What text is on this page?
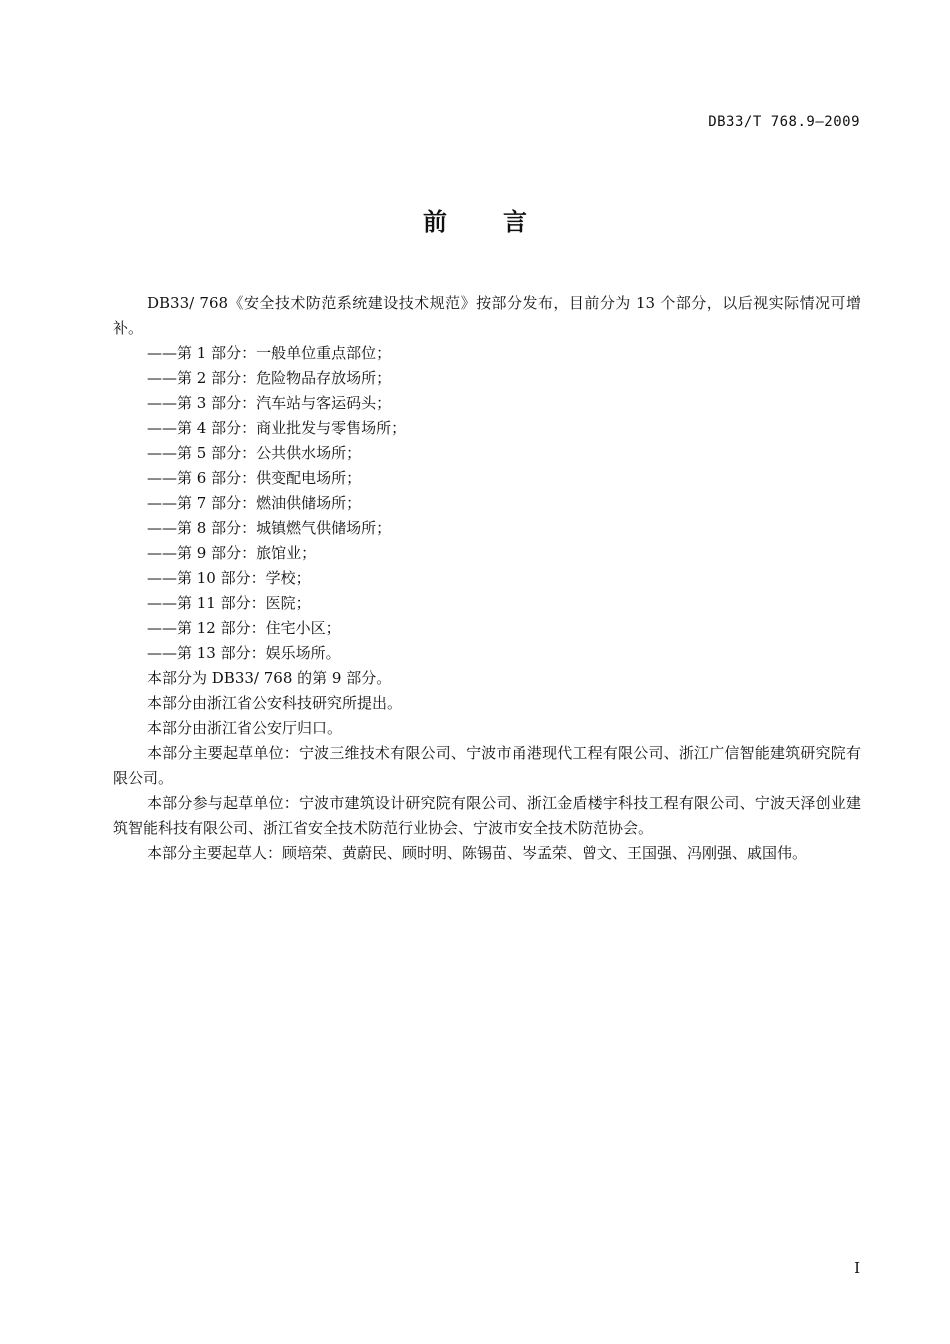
DB33/T 768.9—2009
前言

DB33/ 768《安全技术防范系统建设技术规范》按部分发布，目前分为 13 个部分，以后视实际情况可增补。

——第 1 部分：一般单位重点部位；

——第 2 部分：危险物品存放场所；

——第 3 部分：汽车站与客运码头；

——第 4 部分：商业批发与零售场所；

——第 5 部分：公共供水场所；

——第 6 部分：供变配电场所；

——第 7 部分：燃油供储场所；

——第 8 部分：城镇燃气供储场所；

——第 9 部分：旅馆业；

——第 10 部分：学校；

——第 11 部分：医院；

——第 12 部分：住宅小区；

——第 13 部分：娱乐场所。

本部分为 DB33/ 768 的第 9 部分。

本部分由浙江省公安科技研究所提出。

本部分由浙江省公安厅归口。

本部分主要起草单位：宁波三维技术有限公司、宁波市甬港现代工程有限公司、浙江广信智能建筑研究院有限公司。

本部分参与起草单位：宁波市建筑设计研究院有限公司、浙江金盾楼宇科技工程有限公司、宁波天泽创业建筑智能科技有限公司、浙江省安全技术防范行业协会、宁波市安全技术防范协会。

本部分主要起草人：顾培荣、黄蔚民、顾时明、陈锡苗、岑孟荣、曾文、王国强、冯刚强、戚国伟。

I
